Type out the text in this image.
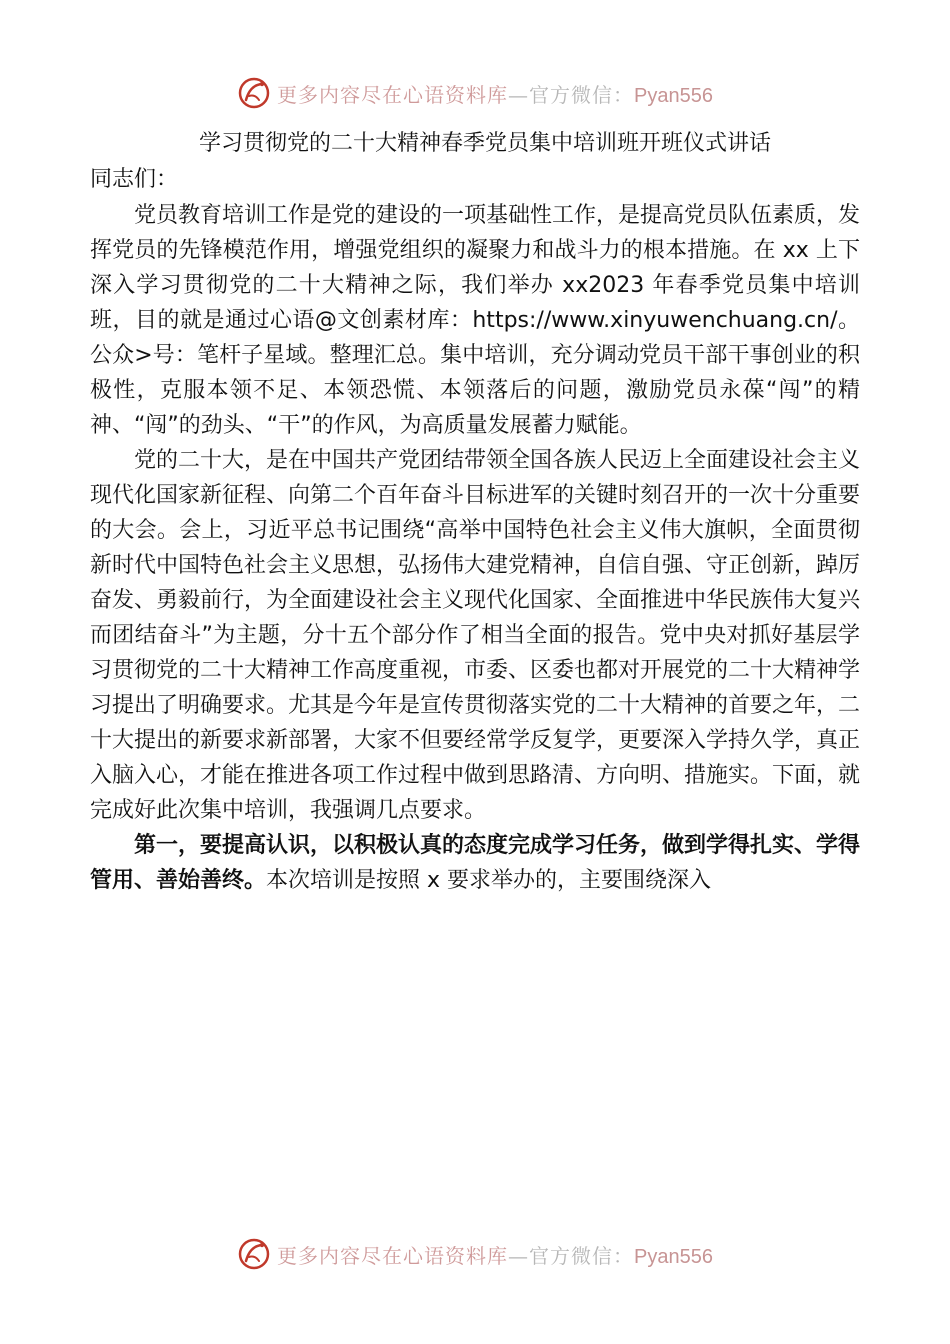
更多内容尽在心语资料库—官方微信：Pyan556
学习贯彻党的二十大精神春季党员集中培训班开班仪式讲话

同志们：

党员教育培训工作是党的建设的一项基础性工作，是提高党员队伍素质，发挥党员的先锋模范作用，增强党组织的凝聚力和战斗力的根本措施。在 xx 上下深入学习贯彻党的二十大精神之际，我们举办 xx2023 年春季党员集中培训班，目的就是通过心语@文创素材库：https://www.xinyuwenchuang.cn/。公众>号：笔杆子星域。整理汇总。集中培训，充分调动党员干部干事创业的积极性，克服本领不足、本领恐慌、本领落后的问题，激励党员永葆“闯”的精神、“闯”的劲头、“干”的作风，为高质量发展蓄力赋能。

党的二十大，是在中国共产党团结带领全国各族人民迈上全面建设社会主义现代化国家新征程、向第二个百年奋斗目标进军的关键时刻召开的一次十分重要的大会。会上，习近平总书记围绕“高举中国特色社会主义伟大旗帜，全面贯彻新时代中国特色社会主义思想，弘扬伟大建党精神，自信自强、守正创新，踔厉奋发、勇毅前行，为全面建设社会主义现代化国家、全面推进中华民族伟大复兴而团结奋斗”为主题，分十五个部分作了相当全面的报告。党中央对抓好基层学习贯彻党的二十大精神工作高度重视，市委、区委也都对开展党的二十大精神学习提出了明确要求。尤其是今年是宣传贯彻落实党的二十大精神的首要之年，二十大提出的新要求新部署，大家不但要经常学反复学，更要深入学持久学，真正入脑入心，才能在推进各项工作过程中做到思路清、方向明、措施实。下面，就完成好此次集中培训，我强调几点要求。

第一，要提高认识，以积极认真的态度完成学习任务，做到学得扎实、学得管用、善始善终。本次培训是按照 x 要求举办的，主要围绕深入

更多内容尽在心语资料库—官方微信：Pyan556
